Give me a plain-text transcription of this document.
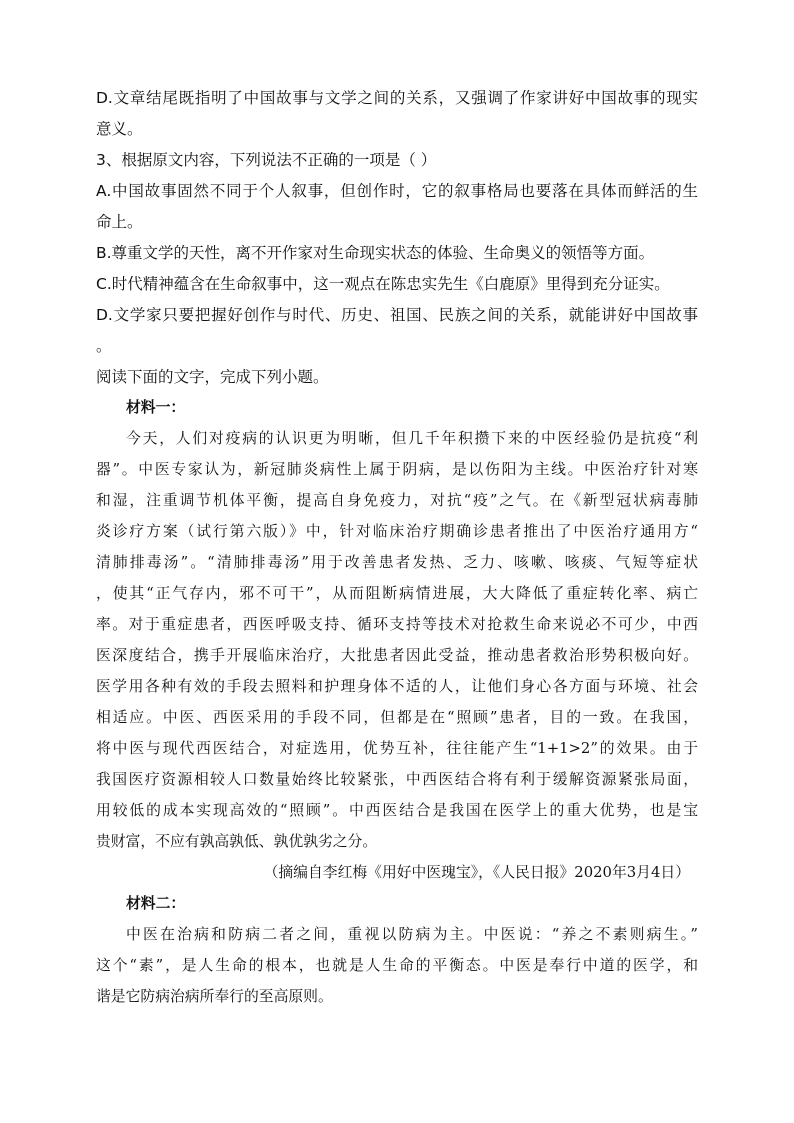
D.文章结尾既指明了中国故事与文学之间的关系，又强调了作家讲好中国故事的现实
意义。
3、根据原文内容，下列说法不正确的一项是（ ）
A.中国故事固然不同于个人叙事，但创作时，它的叙事格局也要落在具体而鲜活的生
命上。
B.尊重文学的天性，离不开作家对生命现实状态的体验、生命奥义的领悟等方面。
C.时代精神蕴含在生命叙事中，这一观点在陈忠实先生《白鹿原》里得到充分证实。
D.文学家只要把握好创作与时代、历史、祖国、民族之间的关系，就能讲好中国故事
。
阅读下面的文字，完成下列小题。
材料一：
今天，人们对疫病的认识更为明晰，但几千年积攒下来的中医经验仍是抗疫“利
器”。中医专家认为，新冠肺炎病性上属于阴病，是以伤阳为主线。中医治疗针对寒
和湿，注重调节机体平衡，提高自身免疫力，对抗“疫”之气。在《新型冠状病毒肺
炎诊疗方案（试行第六版）》中，针对临床治疗期确诊患者推出了中医治疗通用方“
清肺排毒汤”。“清肺排毒汤”用于改善患者发热、乏力、咳嗽、咳痰、气短等症状
，使其“正气存内，邪不可干”，从而阻断病情进展，大大降低了重症转化率、病亡
率。对于重症患者，西医呼吸支持、循环支持等技术对抢救生命来说必不可少，中西
医深度结合，携手开展临床治疗，大批患者因此受益，推动患者救治形势积极向好。
医学用各种有效的手段去照料和护理身体不适的人，让他们身心各方面与环境、社会
相适应。中医、西医采用的手段不同，但都是在“照顾”患者，目的一致。在我国，
将中医与现代西医结合，对症选用，优势互补，往往能产生“1+1>2”的效果。由于
我国医疗资源相较人口数量始终比较紧张，中西医结合将有利于缓解资源紧张局面，
用较低的成本实现高效的“照顾”。中西医结合是我国在医学上的重大优势，也是宝
贵财富，不应有孰高孰低、孰优孰劣之分。
（摘编自李红梅《用好中医瑰宝》，《人民日报》2020年3月4日）
材料二：
中医在治病和防病二者之间，重视以防病为主。中医说：“养之不素则病生。”
这个“素”，是人生命的根本，也就是人生命的平衡态。中医是奉行中道的医学，和
谐是它防病治病所奉行的至高原则。
